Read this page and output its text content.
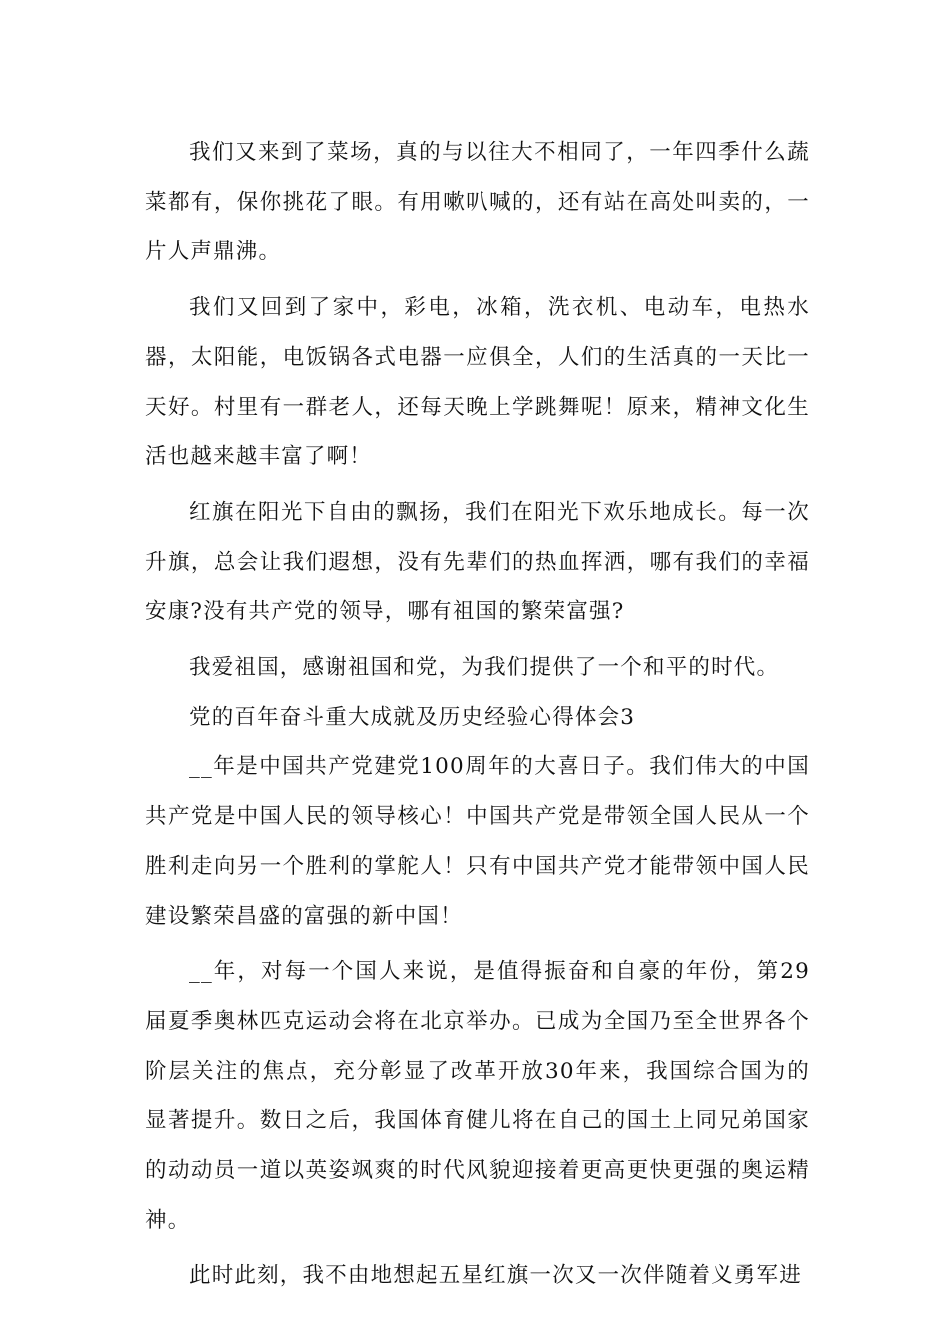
我们又来到了菜场，真的与以往大不相同了，一年四季什么蔬菜都有，保你挑花了眼。有用嗽叭喊的，还有站在高处叫卖的，一片人声鼎沸。

我们又回到了家中，彩电，冰箱，洗衣机、电动车，电热水器，太阳能，电饭锅各式电器一应俱全，人们的生活真的一天比一天好。村里有一群老人，还每天晚上学跳舞呢！原来，精神文化生活也越来越丰富了啊！

红旗在阳光下自由的飘扬，我们在阳光下欢乐地成长。每一次升旗，总会让我们遐想，没有先辈们的热血挥洒，哪有我们的幸福安康?没有共产党的领导，哪有祖国的繁荣富强?

我爱祖国，感谢祖国和党，为我们提供了一个和平的时代。

党的百年奋斗重大成就及历史经验心得体会3

__年是中国共产党建党100周年的大喜日子。我们伟大的中国共产党是中国人民的领导核心！中国共产党是带领全国人民从一个胜利走向另一个胜利的掌舵人！只有中国共产党才能带领中国人民建设繁荣昌盛的富强的新中国！

__年，对每一个国人来说，是值得振奋和自豪的年份，第29届夏季奥林匹克运动会将在北京举办。已成为全国乃至全世界各个阶层关注的焦点，充分彰显了改革开放30年来，我国综合国为的显著提升。数日之后，我国体育健儿将在自己的国土上同兄弟国家的动动员一道以英姿飒爽的时代风貌迎接着更高更快更强的奥运精神。

此时此刻，我不由地想起五星红旗一次又一次伴随着义勇军进
